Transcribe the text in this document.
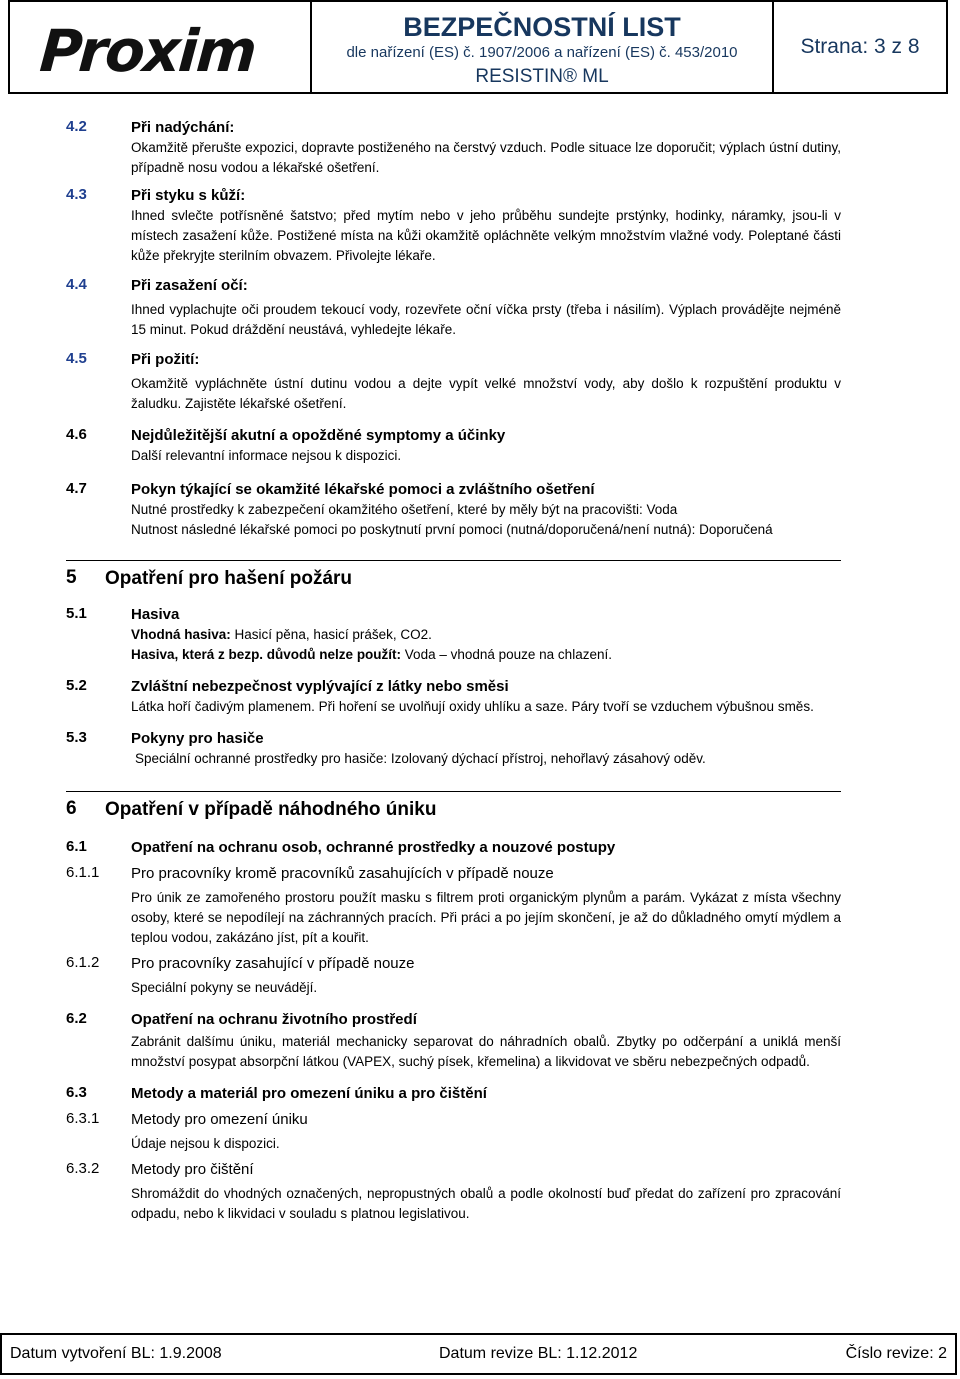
Proxim	BEZPEČNOSTNÍ LIST
dle nařízení (ES) č. 1907/2006 a nařízení (ES) č. 453/2010
RESISTIN® ML
Strana: 3 z 8
4.2	Při nadýchání:
Okamžitě přerušte expozici, dopravte postiženého na čerstvý vzduch. Podle situace lze doporučit; výplach ústní dutiny, případně nosu vodou a lékařské ošetření.
4.3	Při styku s kůží:
Ihned svlečte potřísněné šatstvo; před mytím nebo v jeho průběhu sundejte prstýnky, hodinky, náramky, jsou-li v místech zasažení kůže. Postižené místa na kůži okamžitě opláchněte velkým množstvím vlažné vody. Poleptané části kůže překryjte sterilním obvazem. Přivolejte lékaře.
4.4	Při zasažení očí:
Ihned vyplachujte oči proudem tekoucí vody, rozevřete oční víčka prsty (třeba i násilím). Výplach provádějte nejméně 15 minut. Pokud dráždění neustává, vyhledejte lékaře.
4.5	Při požití:
Okamžitě vypláchněte ústní dutinu vodou a dejte vypít velké množství vody, aby došlo k rozpuštění produktu v žaludku. Zajistěte lékařské ošetření.
4.6	Nejdůležitější akutní a opožděné symptomy a účinky
Další relevantní informace nejsou k dispozici.
4.7	Pokyn týkající se okamžité lékařské pomoci a zvláštního ošetření
Nutné prostředky k zabezpečení okamžitého ošetření, které by měly být na pracovišti: Voda
Nutnost následné lékařské pomoci po poskytnutí první pomoci (nutná/doporučená/není nutná): Doporučená
5 Opatření pro hašení požáru
5.1	Hasiva
Vhodná hasiva: Hasicí pěna, hasicí prášek, CO2.
Hasiva, která z bezp. důvodů nelze použít: Voda – vhodná pouze na chlazení.
5.2	Zvláštní nebezpečnost vyplývající z látky nebo směsi
Látka hoří čadivým plamenem. Při hoření se uvolňují oxidy uhlíku a saze. Páry tvoří se vzduchem výbušnou směs.
5.3	Pokyny pro hasiče
Speciální ochranné prostředky pro hasiče: Izolovaný dýchací přístroj, nehořlavý zásahový oděv.
6 Opatření v případě náhodného úniku
6.1	Opatření na ochranu osob, ochranné prostředky a nouzové postupy
6.1.1 Pro pracovníky kromě pracovníků zasahujících v případě nouze
Pro únik ze zamořeného prostoru použít masku s filtrem proti organickým plynům a parám. Vykázat z místa všechny osoby, které se nepodílejí na záchranných pracích. Při práci a po jejím skončení, je až do důkladného omytí mýdlem a teplou vodou, zakázáno jíst, pít a kouřit.
6.1.2 Pro pracovníky zasahující v případě nouze
Speciální pokyny se neuvádějí.
6.2	Opatření na ochranu životního prostředí
Zabránit dalšímu úniku, materiál mechanicky separovat do náhradních obalů. Zbytky po odčerpání a uniklá menší množství posypat absorpční látkou (VAPEX, suchý písek, křemelina) a likvidovat ve sběru nebezpečných odpadů.
6.3	Metody a materiál pro omezení úniku a pro čištění
6.3.1 Metody pro omezení úniku
Údaje nejsou k dispozici.
6.3.2 Metody pro čištění
Shromáždit do vhodných označených, nepropustných obalů a podle okolností buď předat do zařízení pro zpracování odpadu, nebo k likvidaci v souladu s platnou legislativou.
Datum vytvoření BL: 1.9.2008	Datum revize BL: 1.12.2012	Číslo revize: 2
